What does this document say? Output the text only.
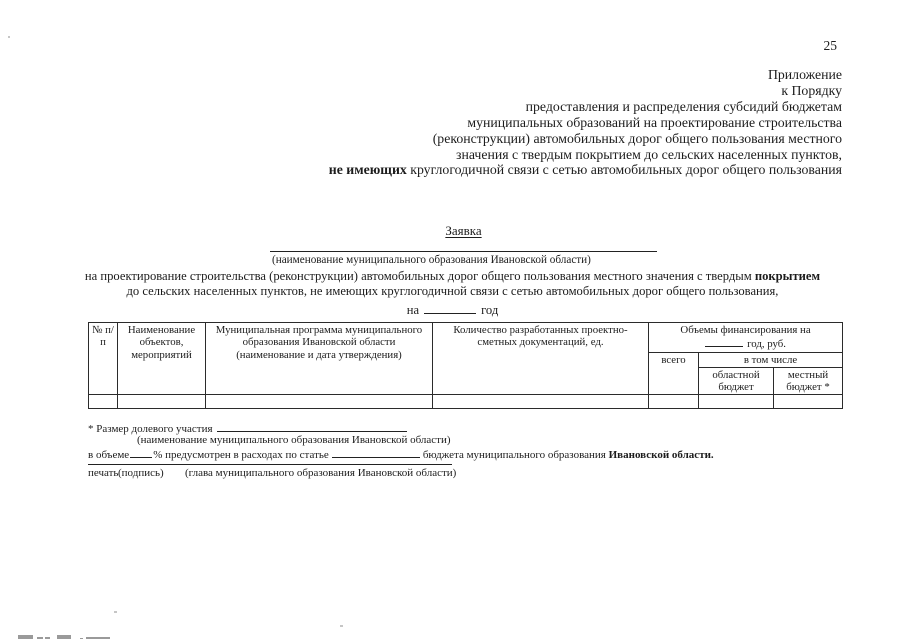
25
Приложение
к Порядку
предоставления и распределения субсидий бюджетам
муниципальных образований на проектирование строительства
(реконструкции) автомобильных дорог общего пользования местного
значения с твердым покрытием до сельских населенных пунктов,
не имеющих круглогодичной связи с сетью автомобильных дорог общего пользования
Заявка
(наименование муниципального образования Ивановской области)
на проектирование строительства (реконструкции) автомобильных дорог общего пользования местного значения с твердым покрытием
до сельских населенных пунктов, не имеющих круглогодичной связи с сетью автомобильных дорог общего пользования,
на	год
№ п/п	Наименование объектов, мероприятий	Муниципальная программа муниципального образования Ивановской области (наименование и дата утверждения)	Количество разработанных проектно-сметных документаций, ед.	Объемы финансирования на
год, руб.		

				всего	в том числе	
					областной бюджет	местный бюджет *

* Размер долевого участия
(наименование муниципального образования Ивановской области)
в объеме % предусмотрен в расходах по статье	бюджета муниципального образования Ивановской области.
печать (подпись) (глава муниципального образования Ивановской области)
